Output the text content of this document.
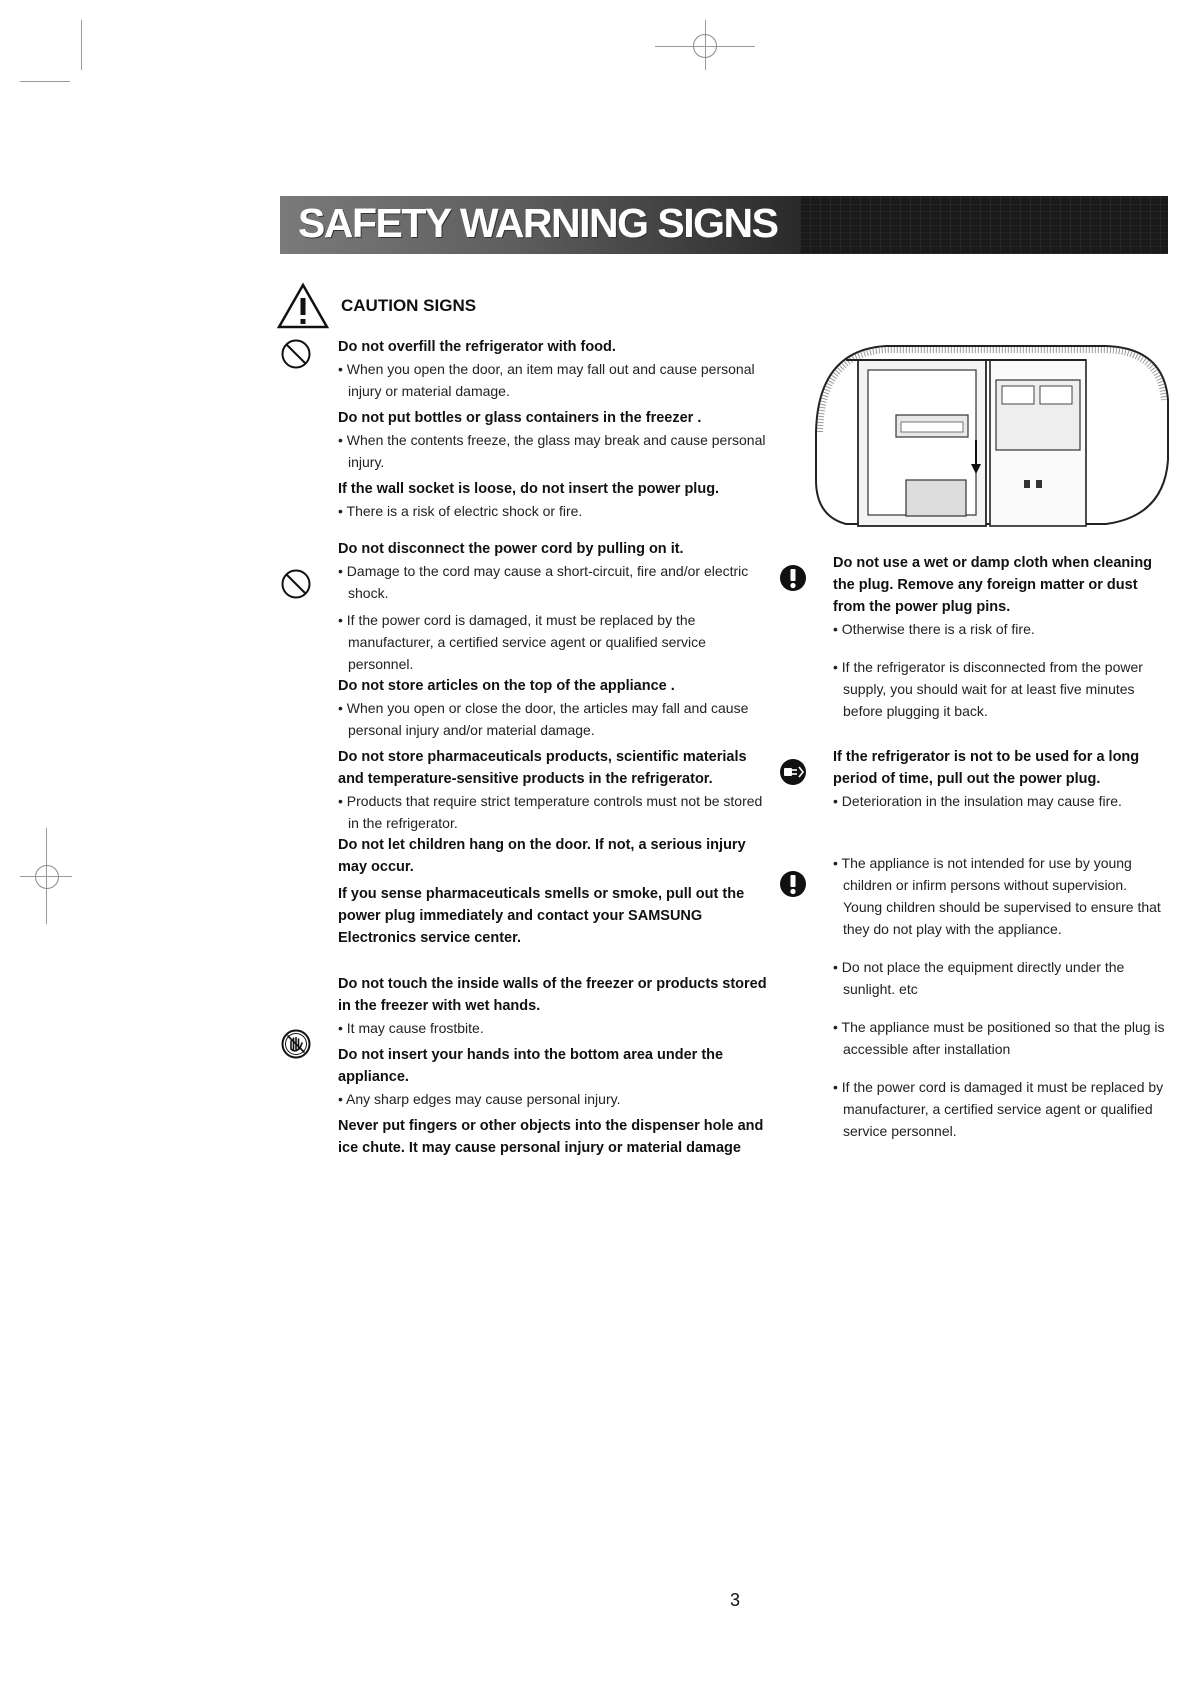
SAFETY WARNING SIGNS
CAUTION SIGNS
Do not overfill the refrigerator with food.
• When you open the door, an item may fall out and cause personal injury or material damage.
Do not put bottles or glass containers in the freezer .
• When the contents freeze, the glass may break and cause personal injury.
If the wall socket is loose, do not insert the power plug.
• There is a risk of electric shock or fire.
Do not disconnect the power cord by pulling on it.
• Damage to the cord may cause a short-circuit, fire and/or electric shock.
• If the power cord is damaged, it must be replaced by the manufacturer, a certified service agent or qualified service personnel.
Do not store articles on the top of the appliance .
• When you open or close the door, the articles may fall and cause personal injury and/or material damage.
Do not store pharmaceuticals products, scientific materials and temperature-sensitive products in the refrigerator.
• Products that require strict temperature controls must not be stored in the refrigerator.
Do not let children hang on the door. If not, a serious injury may occur.
If you sense pharmaceuticals smells or smoke, pull out the power plug immediately and contact your SAMSUNG Electronics service center.
Do not touch the inside walls of the freezer or products stored in the freezer with wet hands.
• It may cause frostbite.
Do not insert your hands into the bottom area under the appliance.
• Any sharp edges may cause personal injury.
Never put fingers or other objects into the dispenser hole and ice chute. It may cause personal injury or material damage
Do not use a wet or damp cloth when cleaning the plug. Remove any foreign matter or dust from the power plug pins.
• Otherwise there is a risk of fire.
• If the refrigerator is disconnected from the power supply, you should wait for at least five minutes before plugging it back.
If the refrigerator is not to be used for a long period of time, pull out the power plug.
• Deterioration in the insulation may cause fire.
• The appliance is not intended for use by young children or infirm persons without supervision.
Young children should be supervised to ensure that they do not play with the appliance.
• Do not place the equipment directly under the sunlight. etc
• The appliance must be positioned so that the plug is accessible after installation
• If the power cord is damaged it must be replaced by manufacturer, a certified service agent or qualified service personnel.
3
